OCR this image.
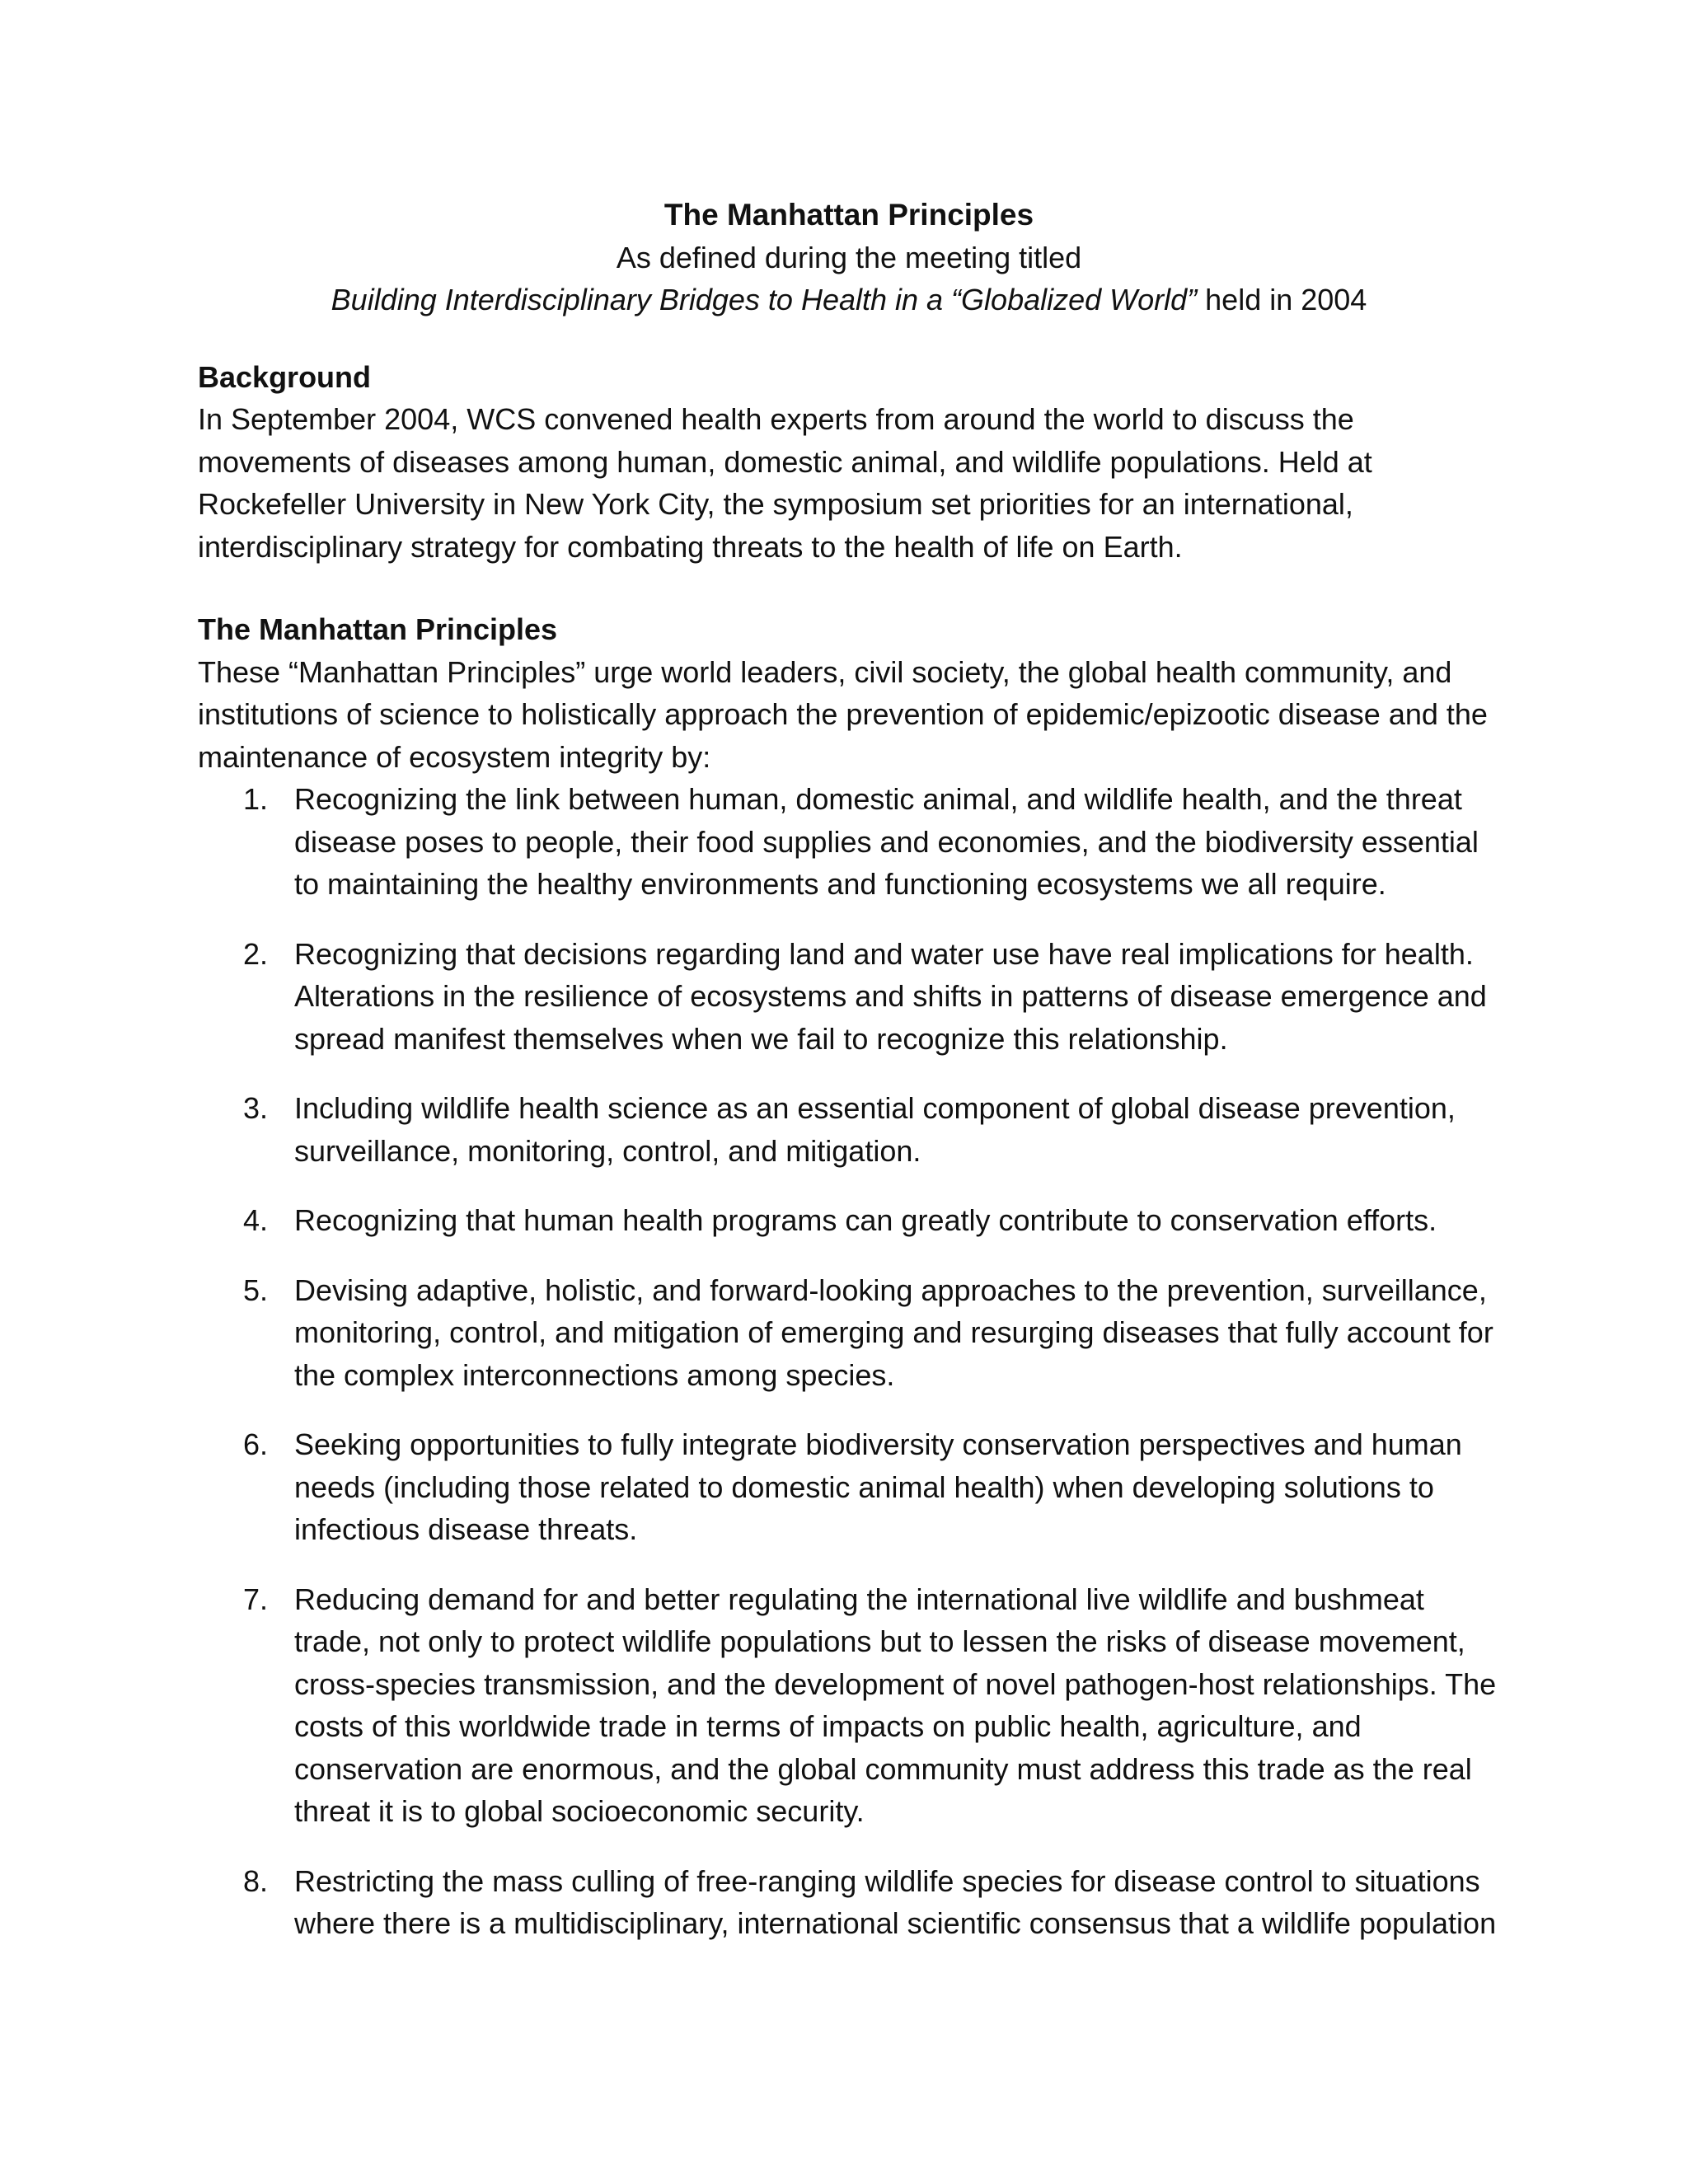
The Manhattan Principles
As defined during the meeting titled
Building Interdisciplinary Bridges to Health in a “Globalized World” held in 2004
Background

In September 2004, WCS convened health experts from around the world to discuss the movements of diseases among human, domestic animal, and wildlife populations. Held at Rockefeller University in New York City, the symposium set priorities for an international, interdisciplinary strategy for combating threats to the health of life on Earth.

The Manhattan Principles

These “Manhattan Principles” urge world leaders, civil society, the global health community, and institutions of science to holistically approach the prevention of epidemic/epizootic disease and the maintenance of ecosystem integrity by:

1. Recognizing the link between human, domestic animal, and wildlife health, and the threat disease poses to people, their food supplies and economies, and the biodiversity essential to maintaining the healthy environments and functioning ecosystems we all require.
2. Recognizing that decisions regarding land and water use have real implications for health. Alterations in the resilience of ecosystems and shifts in patterns of disease emergence and spread manifest themselves when we fail to recognize this relationship.
3. Including wildlife health science as an essential component of global disease prevention, surveillance, monitoring, control, and mitigation.
4. Recognizing that human health programs can greatly contribute to conservation efforts.
5. Devising adaptive, holistic, and forward-looking approaches to the prevention, surveillance, monitoring, control, and mitigation of emerging and resurging diseases that fully account for the complex interconnections among species.
6. Seeking opportunities to fully integrate biodiversity conservation perspectives and human needs (including those related to domestic animal health) when developing solutions to infectious disease threats.
7. Reducing demand for and better regulating the international live wildlife and bushmeat trade, not only to protect wildlife populations but to lessen the risks of disease movement, cross-species transmission, and the development of novel pathogen-host relationships. The costs of this worldwide trade in terms of impacts on public health, agriculture, and conservation are enormous, and the global community must address this trade as the real threat it is to global socioeconomic security.
8. Restricting the mass culling of free-ranging wildlife species for disease control to situations where there is a multidisciplinary, international scientific consensus that a wildlife population
